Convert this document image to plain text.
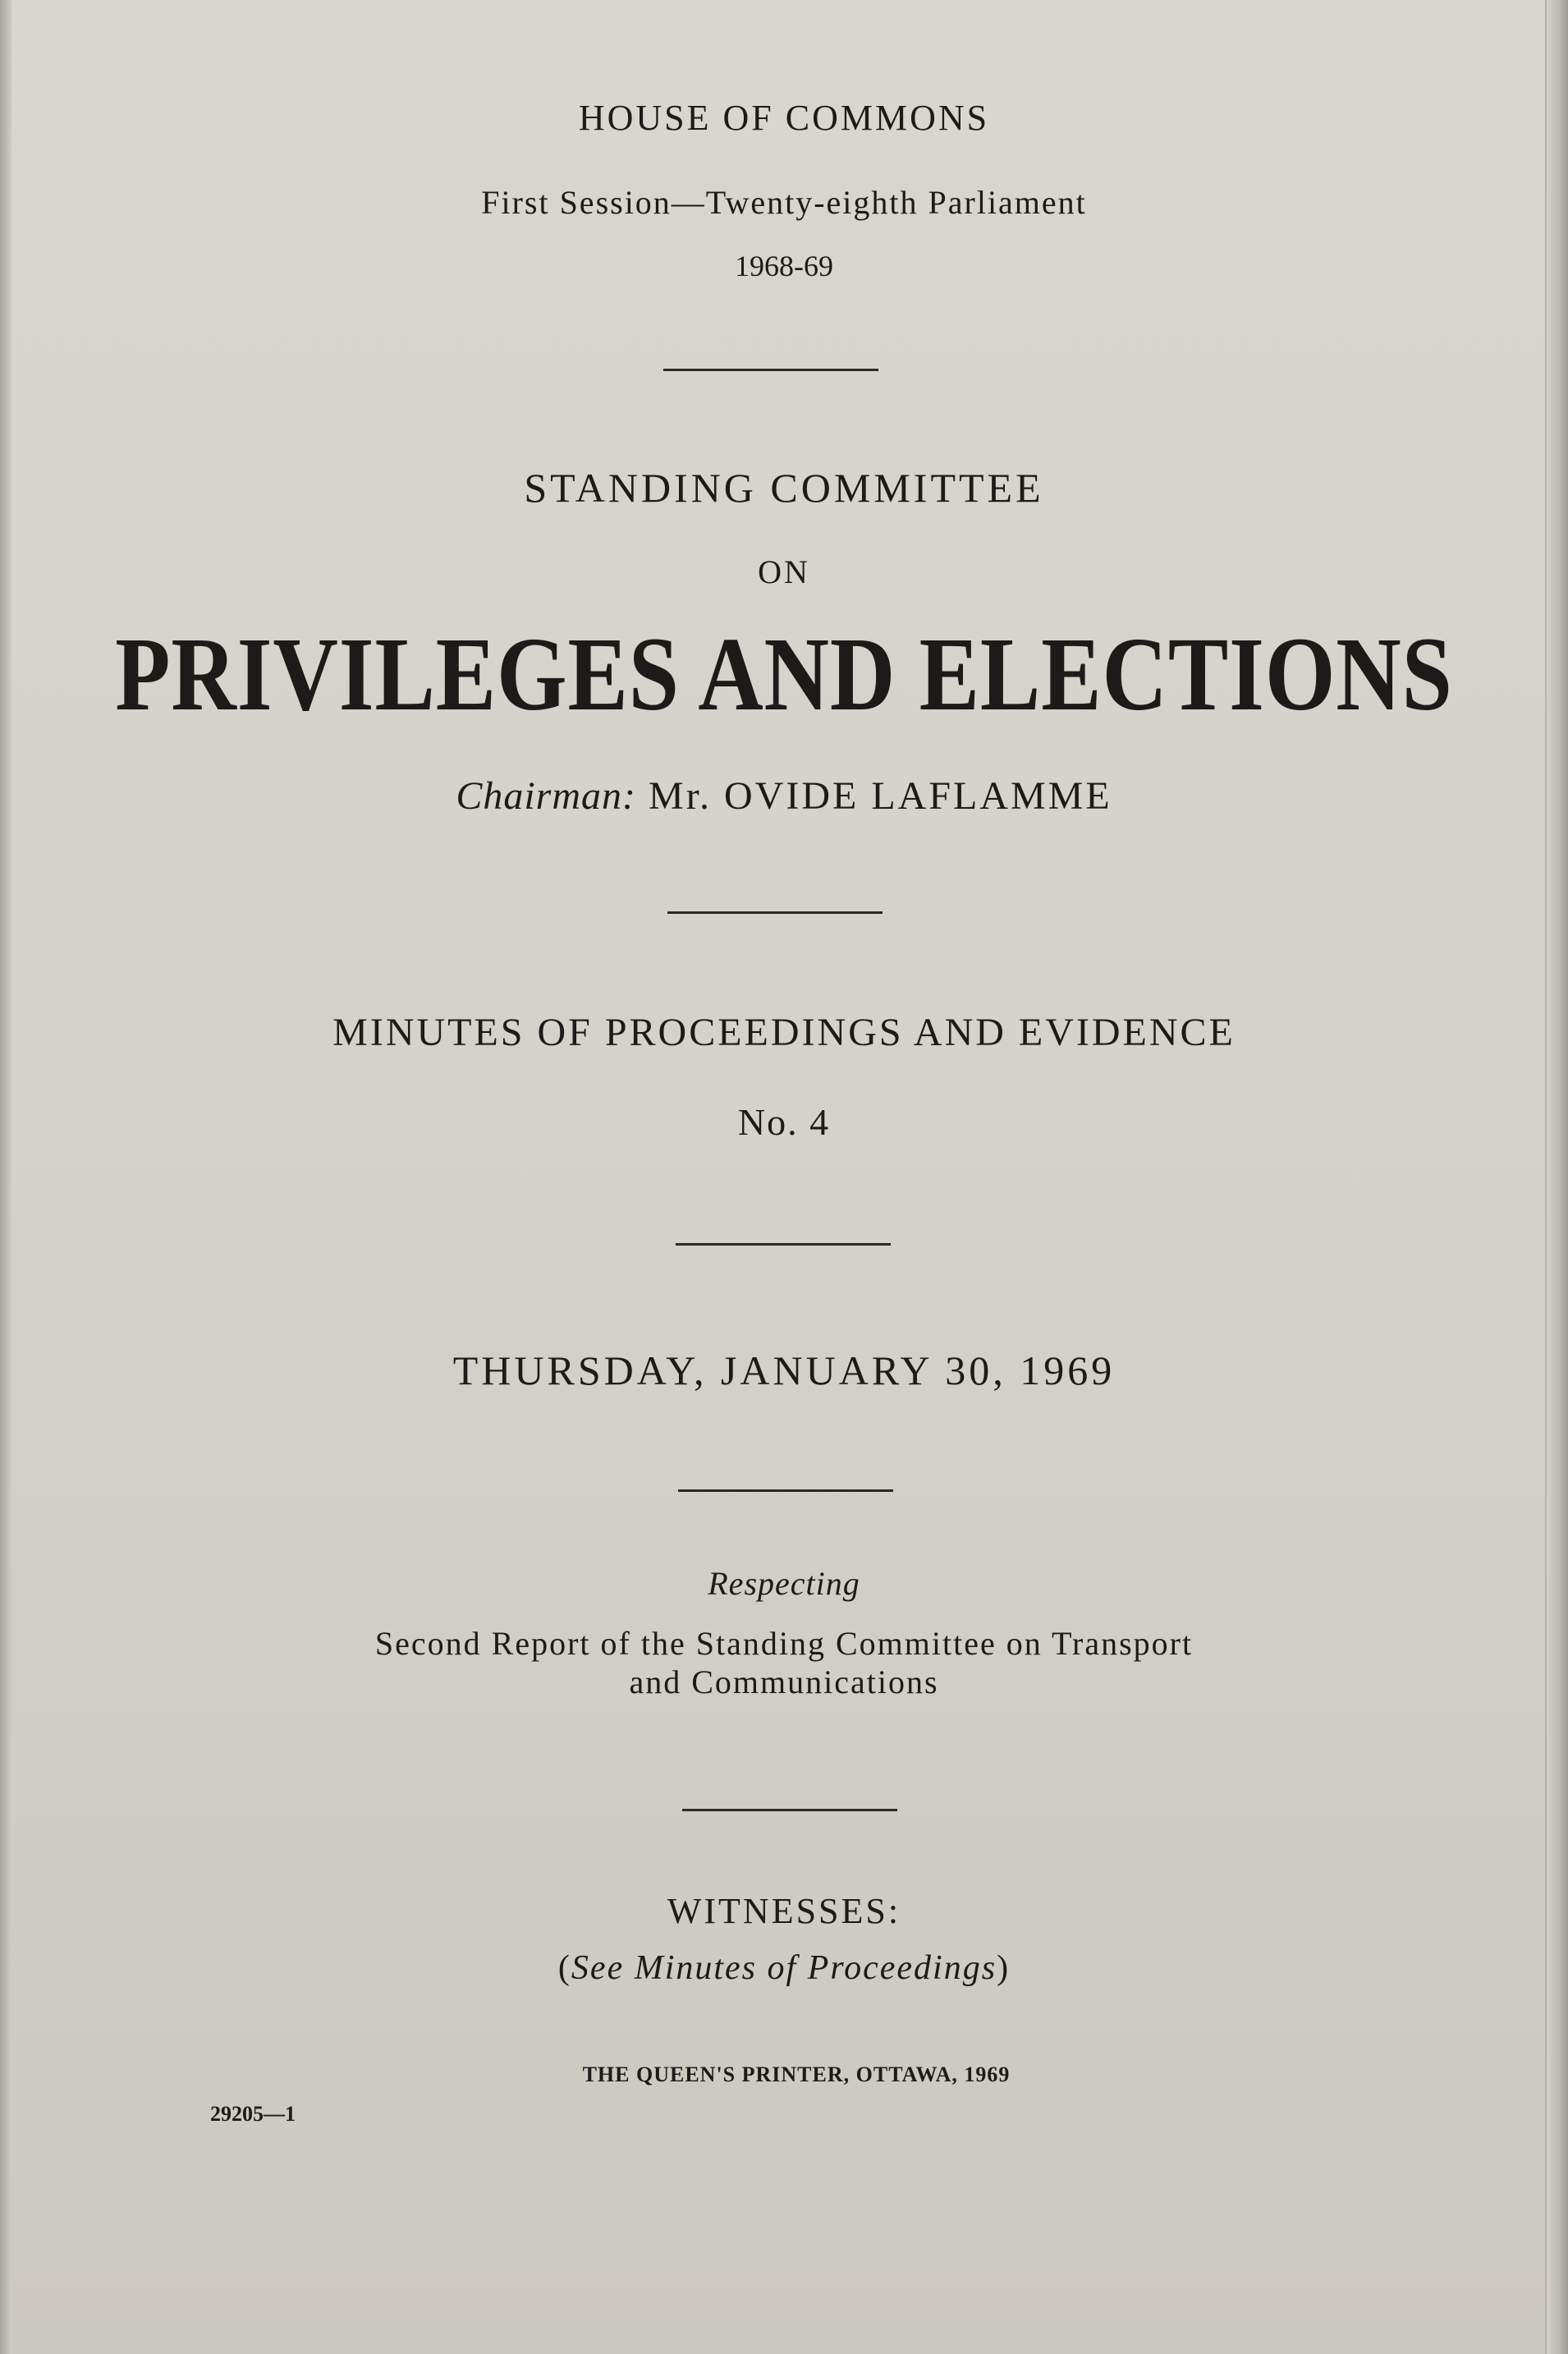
HOUSE OF COMMONS
First Session—Twenty-eighth Parliament
1968-69
STANDING COMMITTEE
ON
PRIVILEGES AND ELECTIONS
Chairman: Mr. OVIDE LAFLAMME
MINUTES OF PROCEEDINGS AND EVIDENCE
No. 4
THURSDAY, JANUARY 30, 1969
Respecting
Second Report of the Standing Committee on Transport
and Communications
WITNESSES:
(See Minutes of Proceedings)
THE QUEEN'S PRINTER, OTTAWA, 1969
29205—1
